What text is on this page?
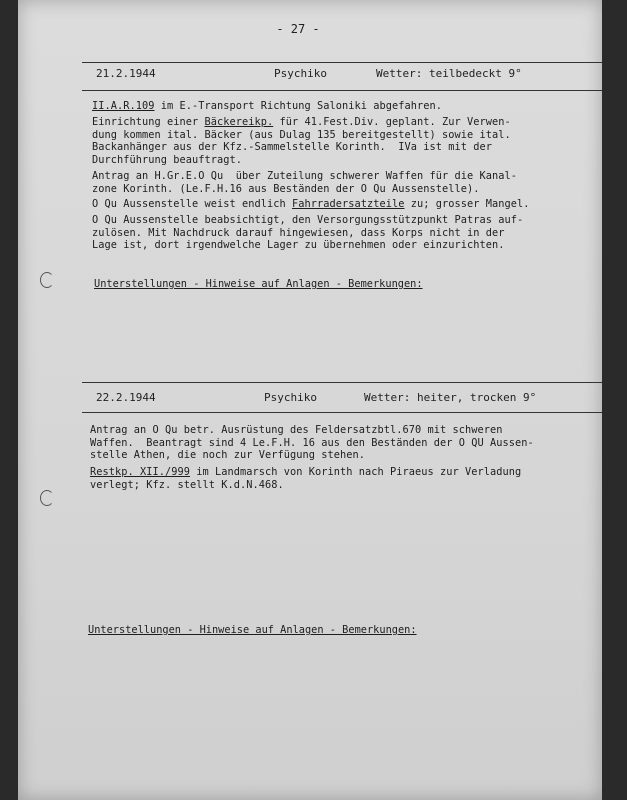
- 27 -
21.2.1944	Psychiko	Wetter: teilbedeckt 9°
II.A.R.109 im E.-Transport Richtung Saloniki abgefahren.
Einrichtung einer Bäckereikp. für 41.Fest.Div. geplant. Zur Verwen-
dung kommen ital. Bäcker (aus Dulag 135 bereitgestellt) sowie ital.
Backanhänger aus der Kfz.-Sammelstelle Korinth.  IVa ist mit der
Durchführung beauftragt.
Antrag an H.Gr.E.O Qu  über Zuteilung schwerer Waffen für die Kanal-
zone Korinth. (Le.F.H.16 aus Beständen der O Qu Aussenstelle).
O Qu Aussenstelle weist endlich Fahrradersatzteile zu; grosser Mangel.
O Qu Aussenstelle beabsichtigt, den Versorgungsstützpunkt Patras auf-
zulösen. Mit Nachdruck darauf hingewiesen, dass Korps nicht in der
Lage ist, dort irgendwelche Lager zu übernehmen oder einzurichten.
Unterstellungen - Hinweise auf Anlagen - Bemerkungen:
22.2.1944	Psychiko	Wetter: heiter, trocken 9°
Antrag an O Qu betr. Ausrüstung des Feldersatzbtl.670 mit schweren
Waffen.  Beantragt sind 4 Le.F.H. 16 aus den Beständen der O QU Aussen-
stelle Athen, die noch zur Verfügung stehen.
Restkp. XII./999 im Landmarsch von Korinth nach Piraeus zur Verladung
verlegt; Kfz. stellt K.d.N.468.
Unterstellungen - Hinweise auf Anlagen - Bemerkungen:
